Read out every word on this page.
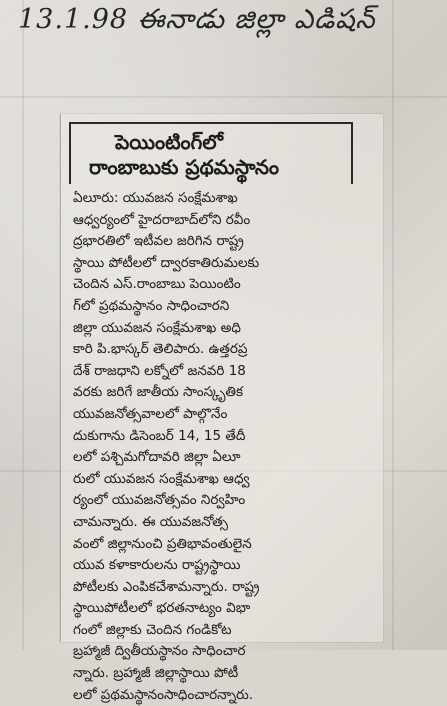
13.1.98 ఈనాడు జిల్లా ఎడిషన్
పెయింటింగ్‌లో
రాంబాబుకు ప్రథమస్థానం
ఏలూరు: యువజన సంక్షేమశాఖ
ఆధ్వర్యంలో హైదరాబాద్‌లోని రవీం
ద్రభారతిలో ఇటీవల జరిగిన రాష్ట్ర
స్థాయి పోటీలలో ద్వారకాతిరుమలకు
చెందిన ఎస్.రాంబాబు పెయింటిం
గ్‌లో ప్రథమస్థానం సాధించారని
జిల్లా యువజన సంక్షేమశాఖ అధి
కారి పి.భాస్కర్ తెలిపారు. ఉత్తరప్ర
దేశ్ రాజధాని లక్నోలో జనవరి 18
వరకు జరిగే జాతీయ సాంస్కృతిక
యువజనోత్సవాలలో పాల్గొనేం
దుకుగాను డిసెంబర్ 14, 15 తేదీ
లలో పశ్చిమగోదావరి జిల్లా ఏలూ
రులో యువజన సంక్షేమశాఖ ఆధ్వ
ర్యంలో యువజనోత్సవం నిర్వహిం
చామన్నారు. ఈ యువజనోత్స
వంలో జిల్లానుంచి ప్రతిభావంతులైన
యువ కళాకారులను రాష్ట్రస్థాయి
పోటీలకు ఎంపికచేశామన్నారు. రాష్ట్ర
స్థాయిపోటీలలో భరతనాట్యం విభా
గంలో జిల్లాకు చెందిన గండికోట
బ్రహ్మాజీ ద్వితీయస్థానం సాధించార
న్నారు. బ్రహ్మాజీ జిల్లాస్థాయి పోటీ
లలో ప్రథమస్థానంసాధించారన్నారు.
